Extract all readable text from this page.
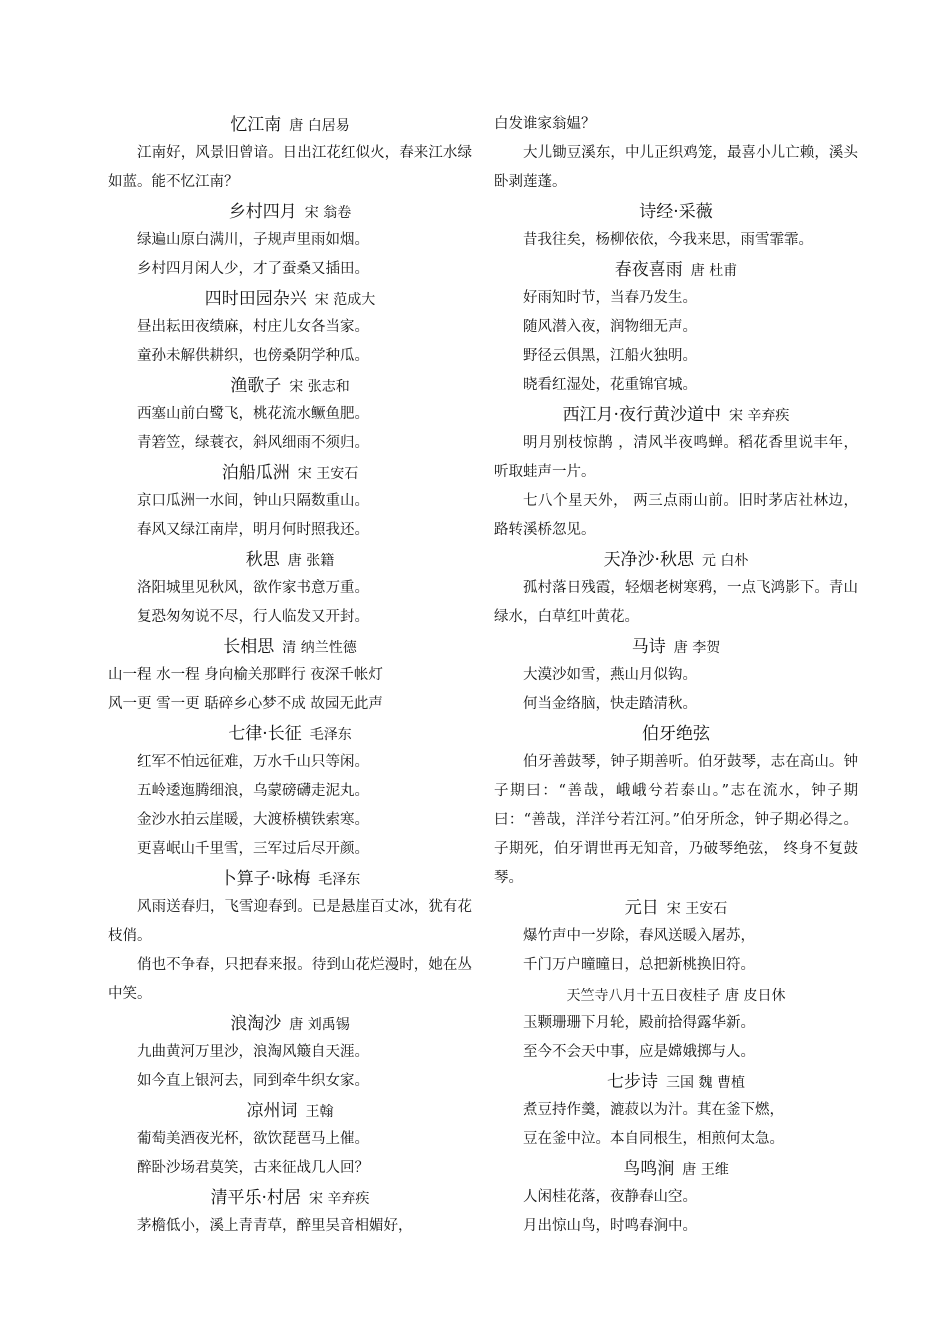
忆江南 唐 白居易

江南好，风景旧曾谙。日出江花红似火，春来江水绿如蓝。能不忆江南？

乡村四月 宋 翁卷

绿遍山原白满川，子规声里雨如烟。

乡村四月闲人少，才了蚕桑又插田。

四时田园杂兴 宋 范成大

昼出耘田夜绩麻，村庄儿女各当家。

童孙未解供耕织，也傍桑阴学种瓜。

渔歌子 宋 张志和

西塞山前白鹭飞，桃花流水鳜鱼肥。

青箬笠，绿蓑衣，斜风细雨不须归。

泊船瓜洲 宋 王安石

京口瓜洲一水间，钟山只隔数重山。

春风又绿江南岸，明月何时照我还。

秋思 唐 张籍

洛阳城里见秋风，欲作家书意万重。

复恐匆匆说不尽，行人临发又开封。

长相思 清 纳兰性德

山一程 水一程 身向榆关那畔行 夜深千帐灯

风一更 雪一更 聒碎乡心梦不成 故园无此声

七律·长征 毛泽东

红军不怕远征难，万水千山只等闲。

五岭逶迤腾细浪，乌蒙磅礴走泥丸。

金沙水拍云崖暖，大渡桥横铁索寒。

更喜岷山千里雪，三军过后尽开颜。

卜算子·咏梅 毛泽东

风雨送春归，飞雪迎春到。已是悬崖百丈冰，犹有花枝俏。

俏也不争春，只把春来报。待到山花烂漫时，她在丛中笑。

浪淘沙 唐 刘禹锡

九曲黄河万里沙，浪淘风簸自天涯。

如今直上银河去，同到牵牛织女家。

凉州词 王翰

葡萄美酒夜光杯，欲饮琵琶马上催。

醉卧沙场君莫笑，古来征战几人回？

清平乐·村居 宋 辛弃疾

茅檐低小，溪上青青草，醉里吴音相媚好，

白发谁家翁媪？

大儿锄豆溪东，中儿正织鸡笼，最喜小儿亡赖，溪头卧剥莲蓬。

诗经·采薇

昔我往矣，杨柳依依，今我来思，雨雪霏霏。

春夜喜雨 唐 杜甫

好雨知时节，当春乃发生。

随风潜入夜，润物细无声。

野径云俱黑，江船火独明。

晓看红湿处，花重锦官城。

西江月·夜行黄沙道中 宋 辛弃疾

明月别枝惊鹊 ，清风半夜鸣蝉。稻花香里说丰年，听取蛙声一片。

七八个星天外， 两三点雨山前。旧时茅店社林边， 路转溪桥忽见。

天净沙·秋思 元 白朴

孤村落日残霞，轻烟老树寒鸦，一点飞鸿影下。青山绿水，白草红叶黄花。

马诗 唐 李贺

大漠沙如雪，燕山月似钩。

何当金络脑，快走踏清秋。

伯牙绝弦

伯牙善鼓琴，钟子期善听。伯牙鼓琴，志在高山。钟子期曰：“善哉，峨峨兮若泰山。”志在流水，钟子期曰：“善哉，洋洋兮若江河。”伯牙所念，钟子期必得之。子期死，伯牙谓世再无知音，乃破琴绝弦， 终身不复鼓琴。

元日 宋 王安石

爆竹声中一岁除，春风送暖入屠苏，

千门万户曈曈日，总把新桃换旧符。

天竺寺八月十五日夜桂子 唐 皮日休

玉颗珊珊下月轮，殿前拾得露华新。

至今不会天中事，应是嫦娥掷与人。

七步诗 三国 魏 曹植

煮豆持作羹，漉菽以为汁。萁在釜下燃，

豆在釜中泣。本自同根生，相煎何太急。

鸟鸣涧 唐 王维

人闲桂花落，夜静春山空。

月出惊山鸟，时鸣春涧中。
